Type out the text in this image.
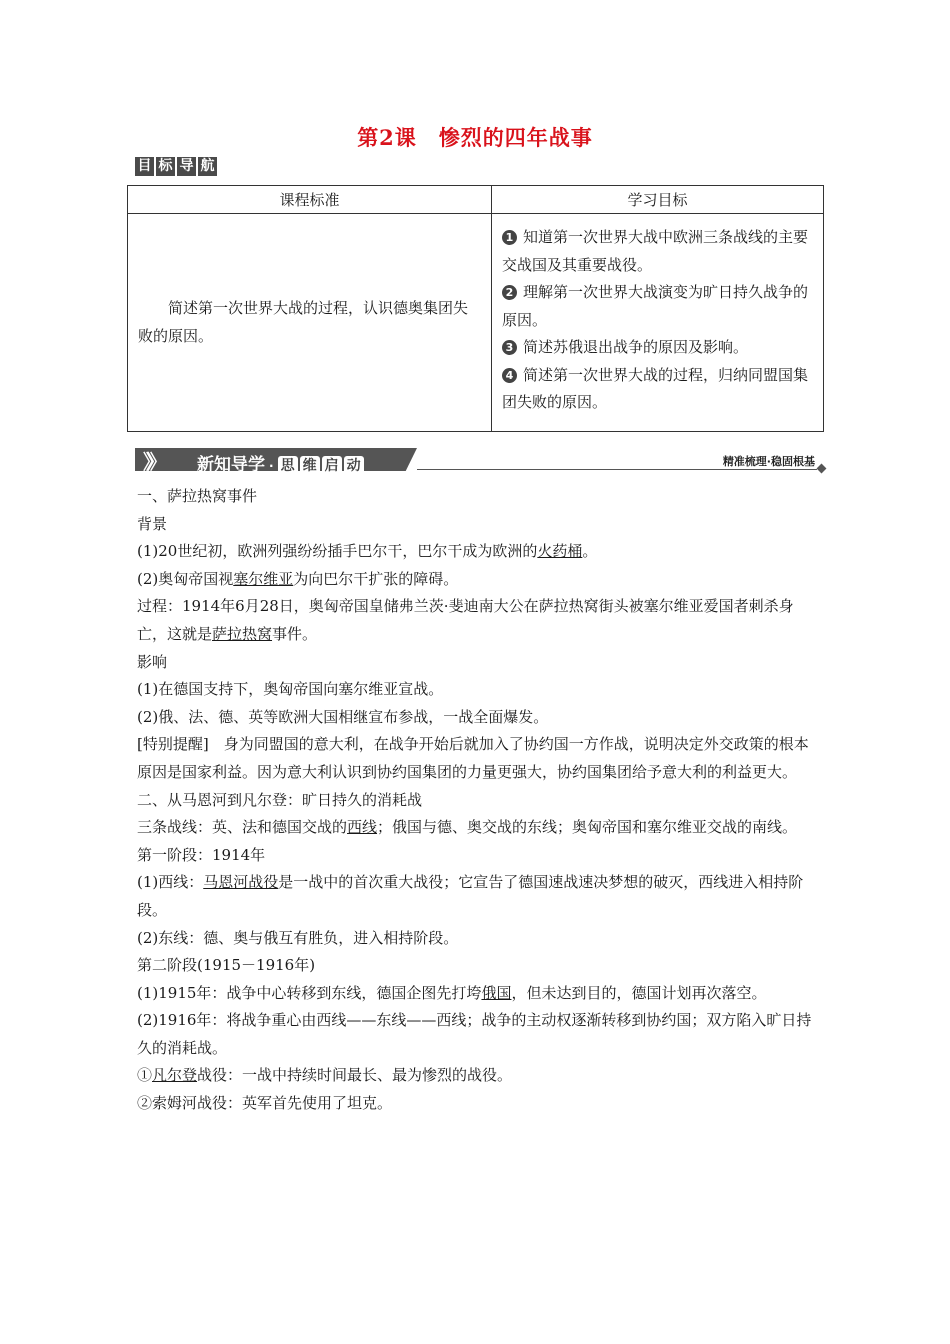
第2课　惨烈的四年战事
目 标 导 航
课程标准	学习目标
　　简述第一次世界大战的过程，认识德奥集团失败的原因。	1 知道第一次世界大战中欧洲三条战线的主要交战国及其重要战役。
2 理解第一次世界大战演变为旷日持久战争的原因。
3 简述苏俄退出战争的原因及影响。
4 简述第一次世界大战的过程，归纳同盟国集团失败的原因。
》》 新知导学 · 思 维 启 动	精准梳理·稳固根基

一、萨拉热窝事件

背景

(1)20世纪初，欧洲列强纷纷插手巴尔干，巴尔干成为欧洲的火药桶。

(2)奥匈帝国视塞尔维亚为向巴尔干扩张的障碍。

过程：1914年6月28日，奥匈帝国皇储弗兰茨·斐迪南大公在萨拉热窝街头被塞尔维亚爱国者刺杀身亡，这就是萨拉热窝事件。

影响

(1)在德国支持下，奥匈帝国向塞尔维亚宣战。

(2)俄、法、德、英等欧洲大国相继宣布参战，一战全面爆发。

[特别提醒]　身为同盟国的意大利，在战争开始后就加入了协约国一方作战，说明决定外交政策的根本原因是国家利益。因为意大利认识到协约国集团的力量更强大，协约国集团给予意大利的利益更大。

二、从马恩河到凡尔登：旷日持久的消耗战

三条战线：英、法和德国交战的西线；俄国与德、奥交战的东线；奥匈帝国和塞尔维亚交战的南线。

第一阶段：1914年

(1)西线：马恩河战役是一战中的首次重大战役；它宣告了德国速战速决梦想的破灭，西线进入相持阶段。

(2)东线：德、奥与俄互有胜负，进入相持阶段。

第二阶段(1915－1916年)

(1)1915年：战争中心转移到东线，德国企图先打垮俄国，但未达到目的，德国计划再次落空。

(2)1916年：将战争重心由西线——东线——西线；战争的主动权逐渐转移到协约国；双方陷入旷日持久的消耗战。

①凡尔登战役：一战中持续时间最长、最为惨烈的战役。

②索姆河战役：英军首先使用了坦克。
